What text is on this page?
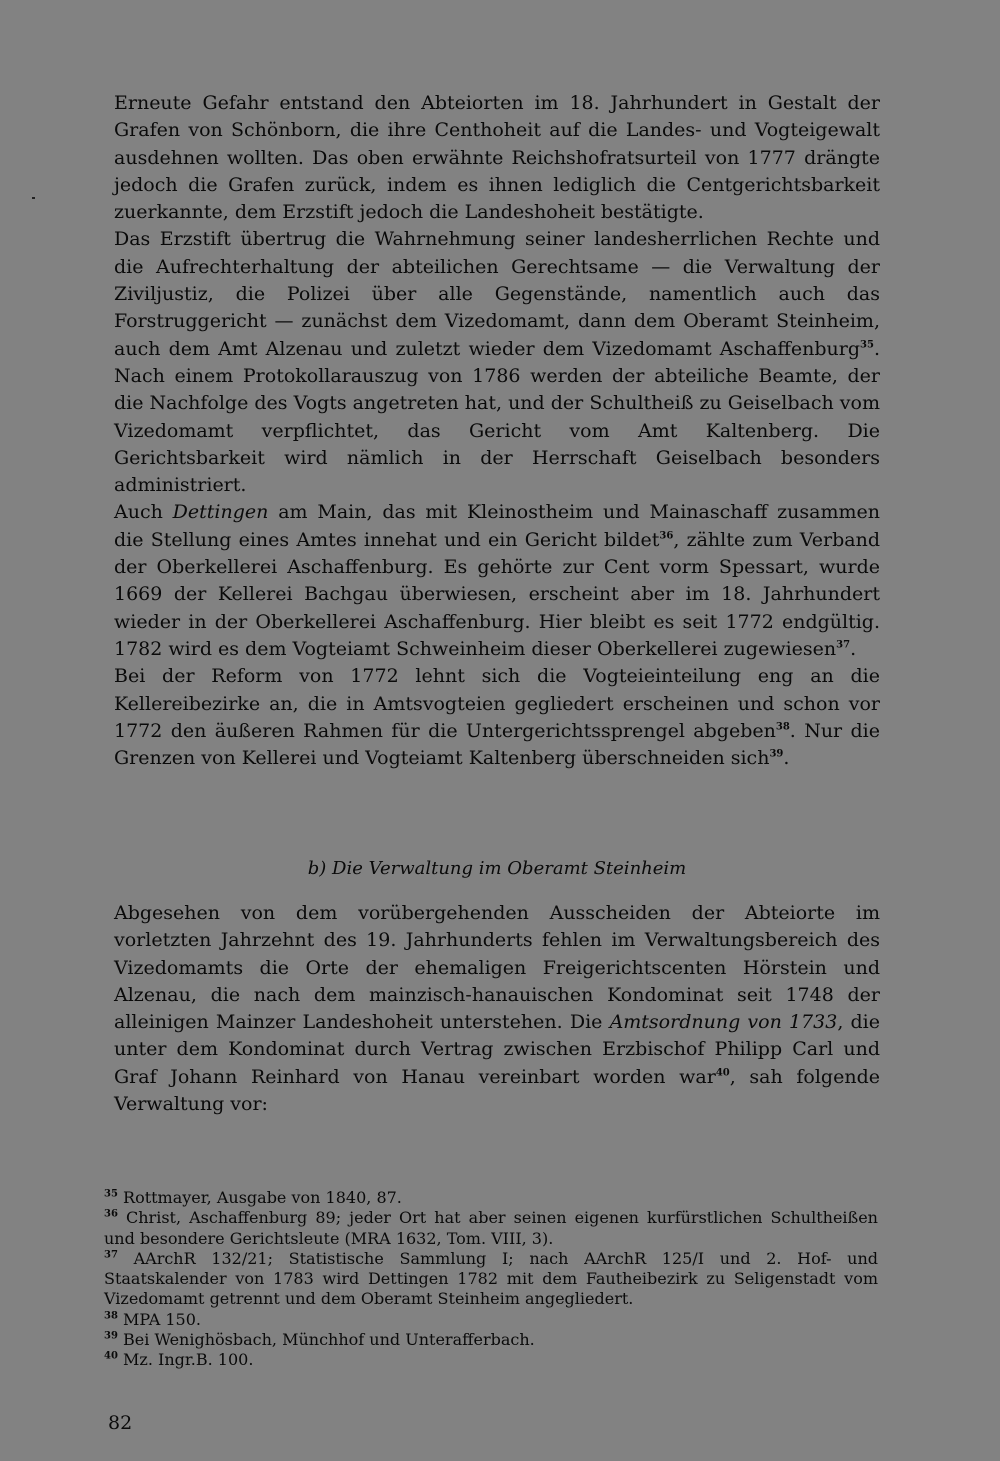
Erneute Gefahr entstand den Abteiorten im 18. Jahrhundert in Gestalt der Grafen von Schönborn, die ihre Centhoheit auf die Landes- und Vogteigewalt ausdehnen wollten. Das oben erwähnte Reichshofratsurteil von 1777 drängte jedoch die Grafen zurück, indem es ihnen lediglich die Centgerichtsbarkeit zuerkannte, dem Erzstift jedoch die Landeshoheit bestätigte.

Das Erzstift übertrug die Wahrnehmung seiner landesherrlichen Rechte und die Aufrechterhaltung der abteilichen Gerechtsame — die Verwaltung der Ziviljustiz, die Polizei über alle Gegenstände, namentlich auch das Forstruggericht — zunächst dem Vizedomamt, dann dem Oberamt Steinheim, auch dem Amt Alzenau und zuletzt wieder dem Vizedomamt Aschaffenburg$^{35}$. Nach einem Protokollarauszug von 1786 werden der abteiliche Beamte, der die Nachfolge des Vogts angetreten hat, und der Schultheiß zu Geiselbach vom Vizedomamt verpflichtet, das Gericht vom Amt Kaltenberg. Die Gerichtsbarkeit wird nämlich in der Herrschaft Geiselbach besonders administriert.

Auch Dettingen am Main, das mit Kleinostheim und Mainaschaff zusammen die Stellung eines Amtes innehat und ein Gericht bildet$^{36}$, zählte zum Verband der Oberkellerei Aschaffenburg. Es gehörte zur Cent vorm Spessart, wurde 1669 der Kellerei Bachgau überwiesen, erscheint aber im 18. Jahrhundert wieder in der Oberkellerei Aschaffenburg. Hier bleibt es seit 1772 endgültig. 1782 wird es dem Vogteiamt Schweinheim dieser Oberkellerei zugewiesen$^{37}$.

Bei der Reform von 1772 lehnt sich die Vogteieinteilung eng an die Kellereibezirke an, die in Amtsvogteien gegliedert erscheinen und schon vor 1772 den äußeren Rahmen für die Untergerichtssprengel abgeben$^{38}$. Nur die Grenzen von Kellerei und Vogteiamt Kaltenberg überschneiden sich$^{39}$.

b) Die Verwaltung im Oberamt Steinheim

Abgesehen von dem vorübergehenden Ausscheiden der Abteiorte im vorletzten Jahrzehnt des 19. Jahrhunderts fehlen im Verwaltungsbereich des Vizedomamts die Orte der ehemaligen Freigerichtscenten Hörstein und Alzenau, die nach dem mainzisch-hanauischen Kondominat seit 1748 der alleinigen Mainzer Landeshoheit unterstehen. Die Amtsordnung von 1733, die unter dem Kondominat durch Vertrag zwischen Erzbischof Philipp Carl und Graf Johann Reinhard von Hanau vereinbart worden war$^{40}$, sah folgende Verwaltung vor:

$^{35}$ Rottmayer, Ausgabe von 1840, 87.

$^{36}$ Christ, Aschaffenburg 89; jeder Ort hat aber seinen eigenen kurfürstlichen Schultheißen und besondere Gerichtsleute (MRA 1632, Tom. VIII, 3).

$^{37}$ AArchR 132/21; Statistische Sammlung I; nach AArchR 125/I und 2. Hof- und Staatskalender von 1783 wird Dettingen 1782 mit dem Fautheibezirk zu Seligenstadt vom Vizedomamt getrennt und dem Oberamt Steinheim angegliedert.

$^{38}$ MPA 150.

$^{39}$ Bei Wenighösbach, Münchhof und Unterafferbach.

$^{40}$ Mz. Ingr.B. 100.

82
